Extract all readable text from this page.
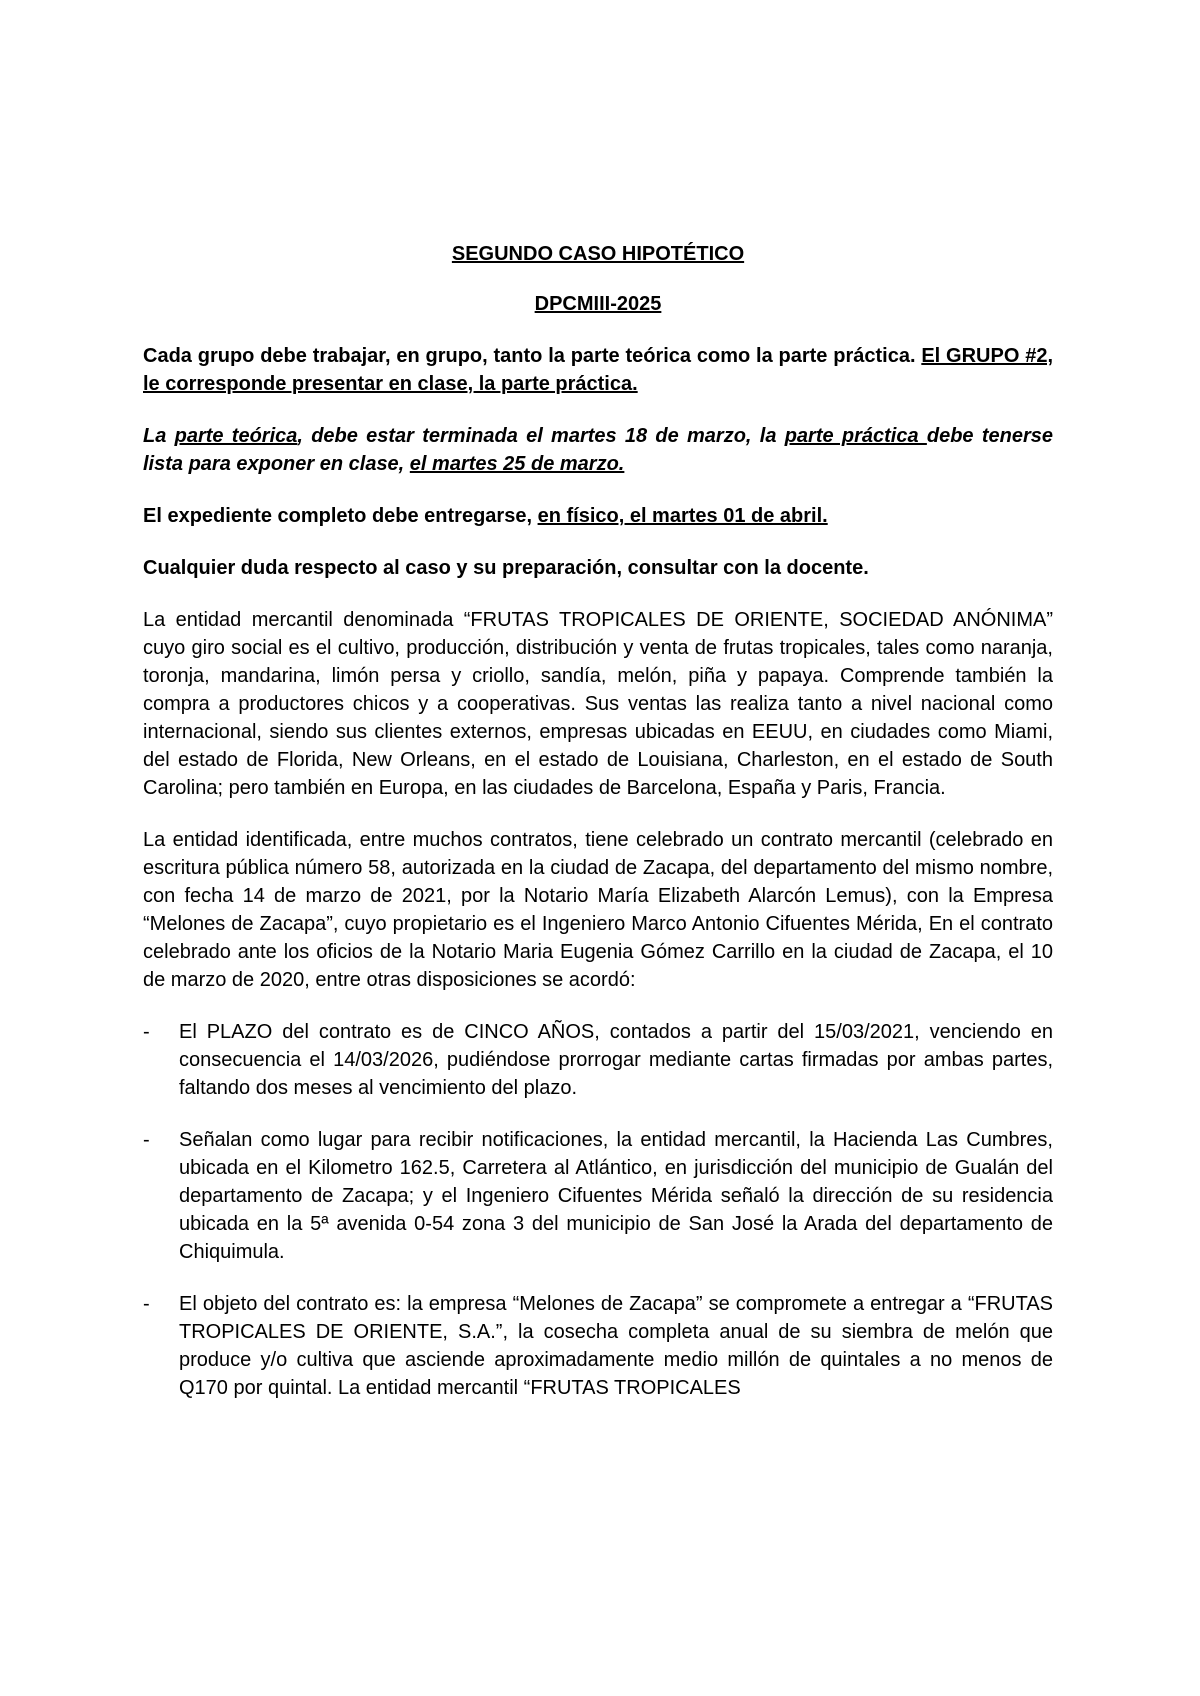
SEGUNDO CASO HIPOTÉTICO
DPCMIII-2025

Cada grupo debe trabajar, en grupo, tanto la parte teórica como la parte práctica. El GRUPO #2, le corresponde presentar en clase, la parte práctica.

La parte teórica, debe estar terminada el martes 18 de marzo, la parte práctica debe tenerse lista para exponer en clase, el martes 25 de marzo.

El expediente completo debe entregarse, en físico, el martes 01 de abril.

Cualquier duda respecto al caso y su preparación, consultar con la docente.

La entidad mercantil denominada “FRUTAS TROPICALES DE ORIENTE, SOCIEDAD ANÓNIMA” cuyo giro social es el cultivo, producción, distribución y venta de frutas tropicales, tales como naranja, toronja, mandarina, limón persa y criollo, sandía, melón, piña y papaya. Comprende también la compra a productores chicos y a cooperativas. Sus ventas las realiza tanto a nivel nacional como internacional, siendo sus clientes externos, empresas ubicadas en EEUU, en ciudades como Miami, del estado de Florida, New Orleans, en el estado de Louisiana, Charleston, en el estado de South Carolina; pero también en Europa, en las ciudades de Barcelona, España y Paris, Francia.

La entidad identificada, entre muchos contratos, tiene celebrado un contrato mercantil (celebrado en escritura pública número 58, autorizada en la ciudad de Zacapa, del departamento del mismo nombre, con fecha 14 de marzo de 2021, por la Notario María Elizabeth Alarcón Lemus), con la Empresa “Melones de Zacapa”, cuyo propietario es el Ingeniero Marco Antonio Cifuentes Mérida, En el contrato celebrado ante los oficios de la Notario Maria Eugenia Gómez Carrillo en la ciudad de Zacapa, el 10 de marzo de 2020, entre otras disposiciones se acordó:

- El PLAZO del contrato es de CINCO AÑOS, contados a partir del 15/03/2021, venciendo en consecuencia el 14/03/2026, pudiéndose prorrogar mediante cartas firmadas por ambas partes, faltando dos meses al vencimiento del plazo.
- Señalan como lugar para recibir notificaciones, la entidad mercantil, la Hacienda Las Cumbres, ubicada en el Kilometro 162.5, Carretera al Atlántico, en jurisdicción del municipio de Gualán del departamento de Zacapa; y el Ingeniero Cifuentes Mérida señaló la dirección de su residencia ubicada en la 5ª avenida 0-54 zona 3 del municipio de San José la Arada del departamento de Chiquimula.
- El objeto del contrato es: la empresa “Melones de Zacapa” se compromete a entregar a “FRUTAS TROPICALES DE ORIENTE, S.A.”, la cosecha completa anual de su siembra de melón que produce y/o cultiva que asciende aproximadamente medio millón de quintales a no menos de Q170 por quintal. La entidad mercantil “FRUTAS TROPICALES
